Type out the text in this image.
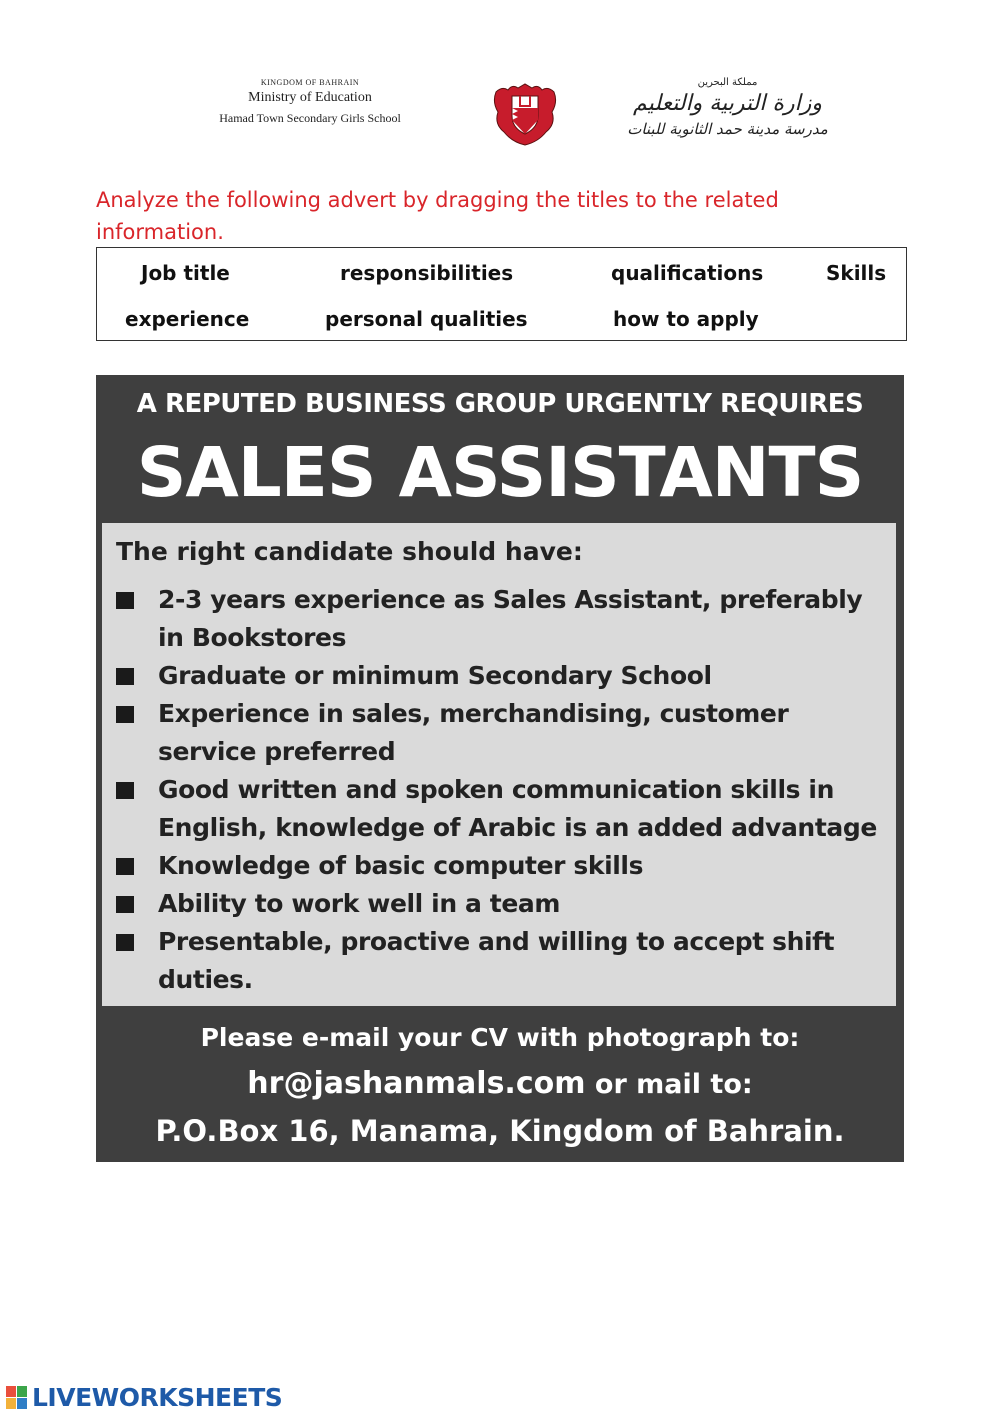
KINGDOM OF BAHRAIN
Ministry of Education
Hamad Town Secondary Girls School
مملكة البحرين
وزارة التربية والتعليم
مدرسة مدينة حمد الثانوية للبنات
Analyze the following advert by dragging the titles to the related information.
Job title	responsibilities	qualifications	Skills
experience	personal qualities	how to apply
A REPUTED BUSINESS GROUP URGENTLY REQUIRES
SALES ASSISTANTS
The right candidate should have:
2-3 years experience as Sales Assistant, preferably
in Bookstores
Graduate or minimum Secondary School
Experience in sales, merchandising, customer
service preferred
Good written and spoken communication skills in
English, knowledge of Arabic is an added advantage
Knowledge of basic computer skills
Ability to work well in a team
Presentable, proactive and willing to accept shift
duties.
Please e-mail your CV with photograph to:
hr@jashanmals.com or mail to:
P.O.Box 16, Manama, Kingdom of Bahrain.
LIVEWORKSHEETS
